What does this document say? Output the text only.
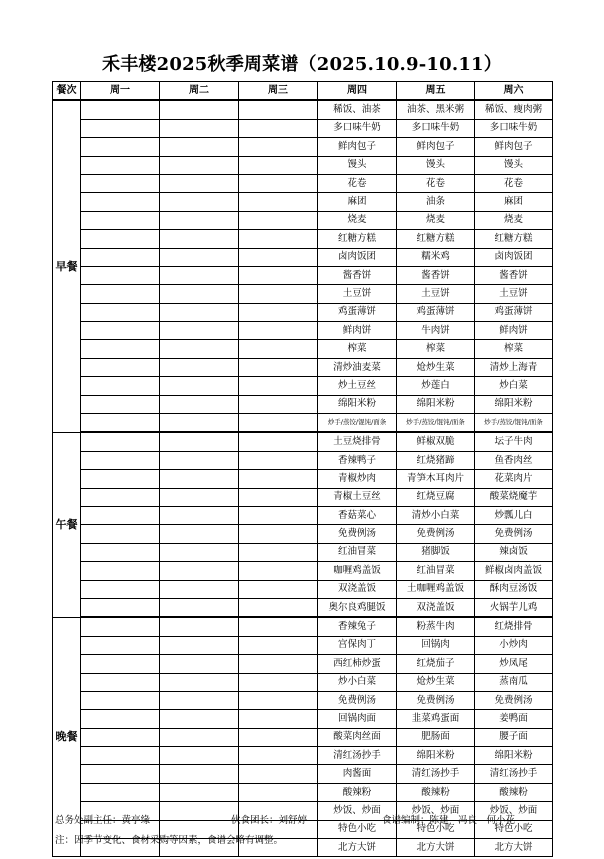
禾丰楼2025秋季周菜谱（2025.10.9-10.11）
餐次	周一	周二	周三	周四	周五	周六
早餐				稀饭、油茶	油茶、黑米粥	稀饭、瘦肉粥
				多口味牛奶	多口味牛奶	多口味牛奶
				鲜肉包子	鲜肉包子	鲜肉包子
				馒头	馒头	馒头
				花卷	花卷	花卷
				麻团	油条	麻团
				烧麦	烧麦	烧麦
				红糖方糕	红糖方糕	红糖方糕
				卤肉饭团	糯米鸡	卤肉饭团
				酱香饼	酱香饼	酱香饼
				土豆饼	土豆饼	土豆饼
				鸡蛋薄饼	鸡蛋薄饼	鸡蛋薄饼
				鲜肉饼	牛肉饼	鲜肉饼
				榨菜	榨菜	榨菜
				清炒油麦菜	炝炒生菜	清炒上海青
				炒土豆丝	炒莲白	炒白菜
				绵阳米粉	绵阳米粉	绵阳米粉
				炒手/蒸饺/馄饨/面条	炒手/蒸饺/馄饨/面条	炒手/蒸饺/馄饨/面条
午餐				土豆烧排骨	鲜椒双脆	坛子牛肉
				香辣鸭子	红烧猪蹄	鱼香肉丝
				青椒炒肉	青笋木耳肉片	花菜肉片
				青椒土豆丝	红烧豆腐	酸菜烧魔芋
				香菇菜心	清炒小白菜	炒瓢儿白
				免费例汤	免费例汤	免费例汤
				红油冒菜	猪脚饭	辣卤饭
				咖喱鸡盖饭	红油冒菜	鲜椒卤肉盖饭
				双浇盖饭	土咖喱鸡盖饭	酥肉豆汤饭
				奥尔良鸡腿饭	双浇盖饭	火锅芋儿鸡
晚餐				香辣兔子	粉蒸牛肉	红烧排骨
				宫保肉丁	回锅肉	小炒肉
				西红柿炒蛋	红烧茄子	炒凤尾
				炒小白菜	炝炒生菜	蒸南瓜
				免费例汤	免费例汤	免费例汤
				回锅肉面	韭菜鸡蛋面	姜鸭面
				酸菜肉丝面	肥肠面	腰子面
				清红汤抄手	绵阳米粉	绵阳米粉
				肉酱面	清红汤抄手	清红汤抄手
				酸辣粉	酸辣粉	酸辣粉
				炒饭、炒面	炒饭、炒面	炒饭、炒面
				特色小吃	特色小吃	特色小吃
				北方大饼	北方大饼	北方大饼
总务处副主任：黄亭缘	伙食团长：刘舒婷	食谱编制：陈建　冯良　何小花
注：因季节变化、食材采购等因素，食谱会略有调整。
